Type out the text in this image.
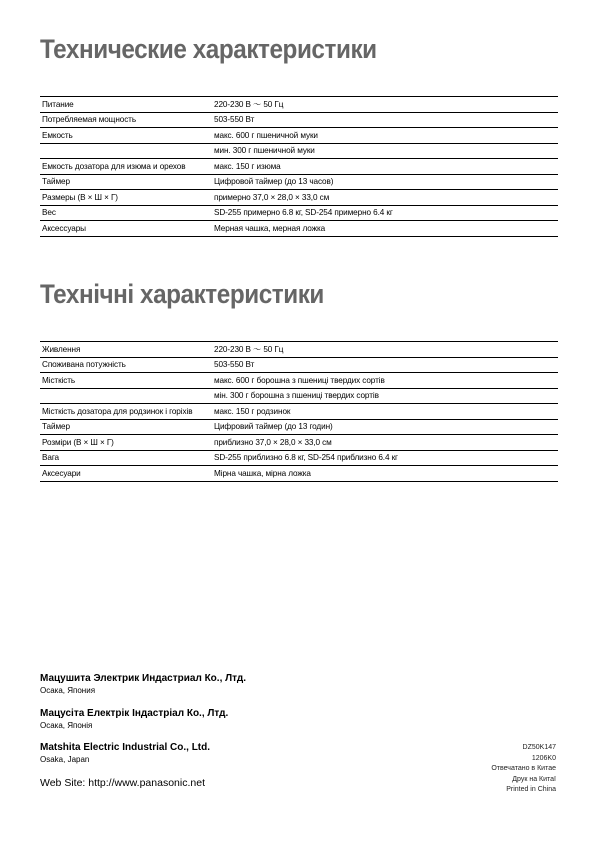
Технические характеристики
Питание	220-230 В ～ 50 Гц
Потребляемая мощность	503-550 Вт
Емкость	макс. 600 г пшеничной муки
	мин. 300 г пшеничной муки
Емкость дозатора для изюма и орехов	макс. 150 г изюма
Таймер	Цифровой таймер (до 13 часов)
Размеры (В × Ш × Г)	примерно 37,0 × 28,0 × 33,0 см
Вес	SD-255 примерно 6.8 кг, SD-254 примерно 6.4 кг
Аксессуары	Мерная чашка, мерная ложка
Технічні характеристики
Живлення	220-230 В ～ 50 Гц
Споживана потужність	503-550 Вт
Місткість	макс. 600 г борошна з пшениці твердих сортів
	мін. 300 г борошна з пшениці твердих сортів
Місткість дозатора для родзинок і горіхів	макс. 150 г родзинок
Таймер	Цифровий таймер (до 13 годин)
Розміри (В × Ш × Г)	приблизно 37,0 × 28,0 × 33,0 см
Вага	SD-255 приблизно 6.8 кг, SD-254 приблизно 6.4 кг
Аксесуари	Мірна чашка, мірна ложка

Мацушита Электрик Индастриал Ко., Лтд.

Осака, Япония

Мацусіта Електрік Індастріал Ко., Лтд.

Осака, Японія

Matshita Electric Industrial Co., Ltd.

Osaka, Japan

Web Site: http://www.panasonic.net
DZ50K147
1206K0
Отвечатано в Китае
Друк на Китаї
Printed in China
